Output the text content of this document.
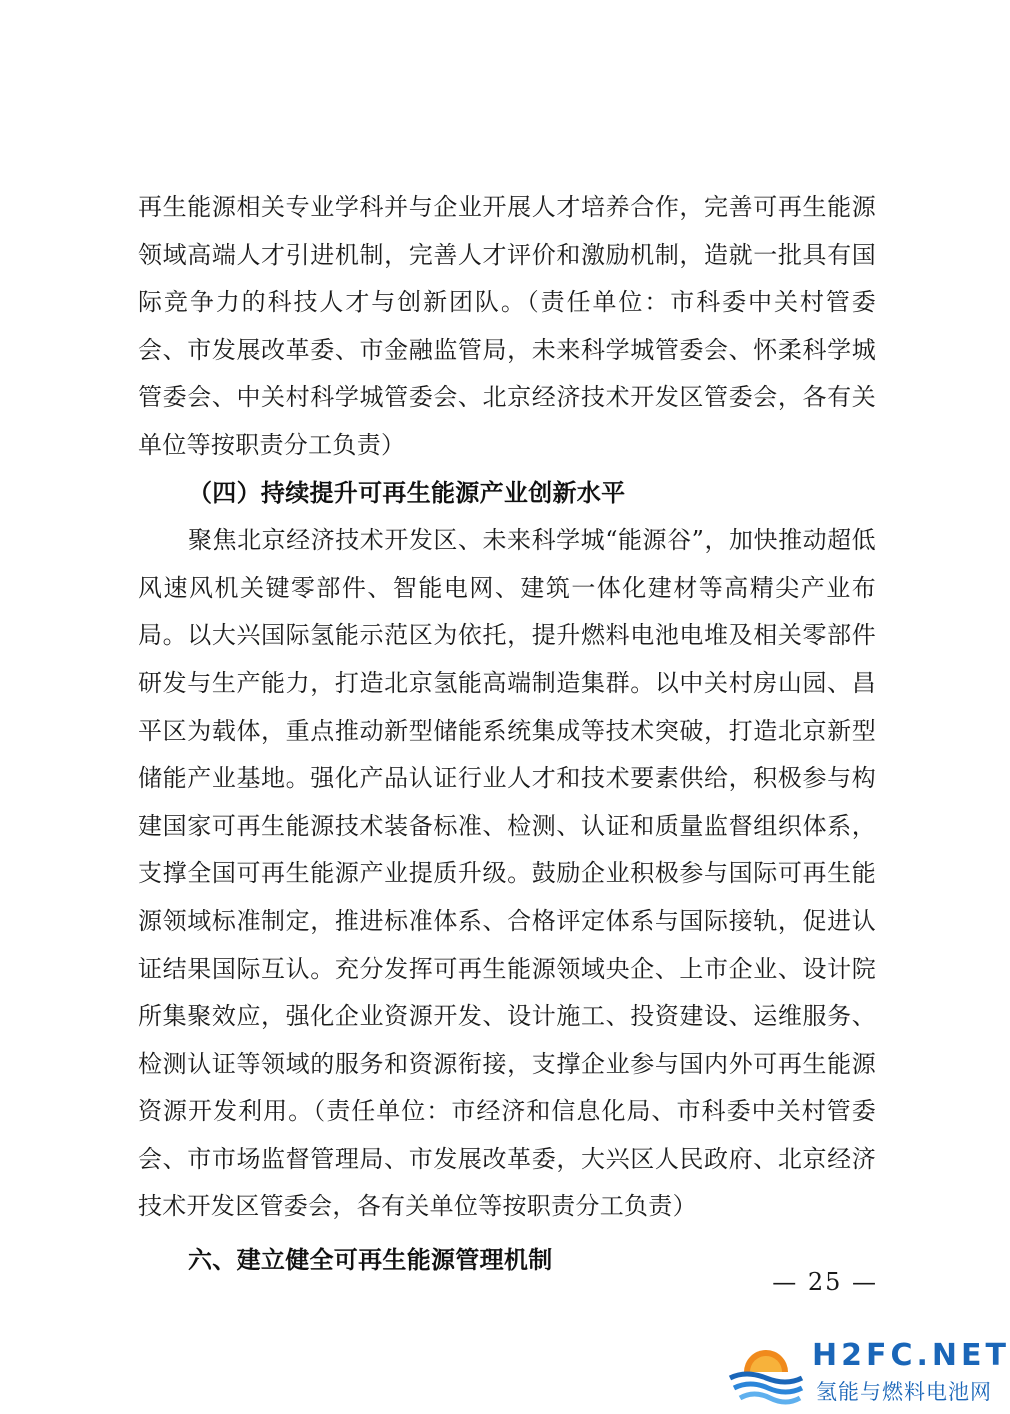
再生能源相关专业学科并与企业开展人才培养合作，完善可再生能源领域高端人才引进机制，完善人才评价和激励机制，造就一批具有国际竞争力的科技人才与创新团队。（责任单位：市科委中关村管委会、市发展改革委、市金融监管局，未来科学城管委会、怀柔科学城管委会、中关村科学城管委会、北京经济技术开发区管委会，各有关单位等按职责分工负责）

（四）持续提升可再生能源产业创新水平

聚焦北京经济技术开发区、未来科学城“能源谷”，加快推动超低风速风机关键零部件、智能电网、建筑一体化建材等高精尖产业布局。以大兴国际氢能示范区为依托，提升燃料电池电堆及相关零部件研发与生产能力，打造北京氢能高端制造集群。以中关村房山园、昌平区为载体，重点推动新型储能系统集成等技术突破，打造北京新型储能产业基地。强化产品认证行业人才和技术要素供给，积极参与构建国家可再生能源技术装备标准、检测、认证和质量监督组织体系，支撑全国可再生能源产业提质升级。鼓励企业积极参与国际可再生能源领域标准制定，推进标准体系、合格评定体系与国际接轨，促进认证结果国际互认。充分发挥可再生能源领域央企、上市企业、设计院所集聚效应，强化企业资源开发、设计施工、投资建设、运维服务、检测认证等领域的服务和资源衔接，支撑企业参与国内外可再生能源资源开发利用。（责任单位：市经济和信息化局、市科委中关村管委会、市市场监督管理局、市发展改革委，大兴区人民政府、北京经济技术开发区管委会，各有关单位等按职责分工负责）

六、建立健全可再生能源管理机制

— 25 —
H2FC.NET
氢能与燃料电池网
